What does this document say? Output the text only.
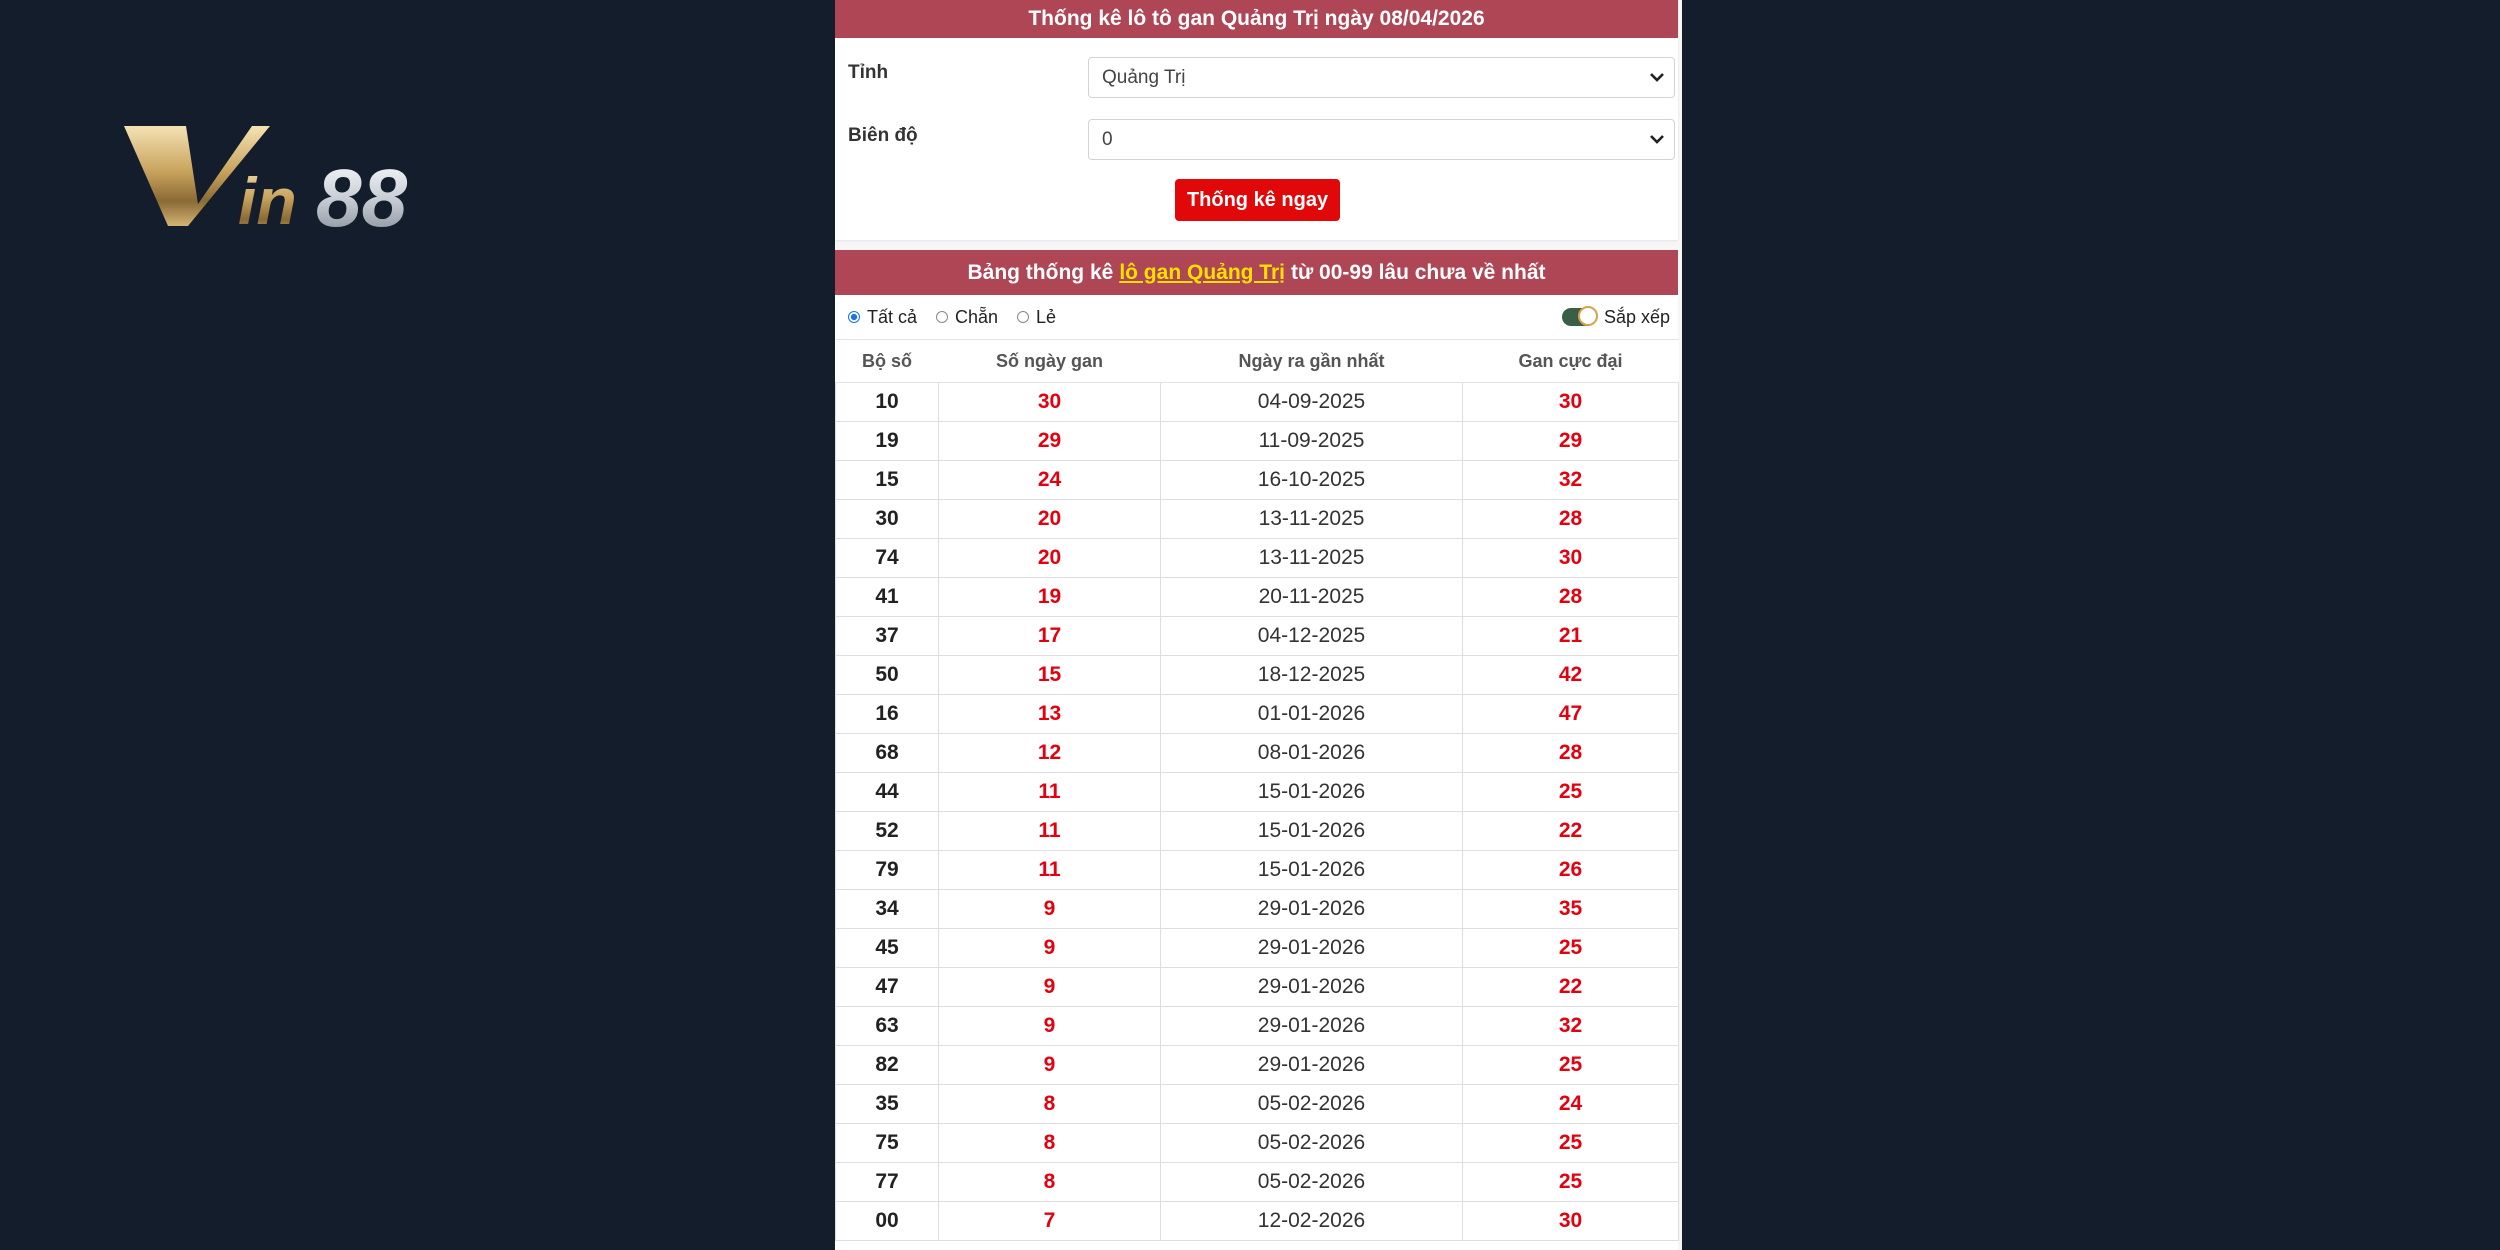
in 88
Thống kê lô tô gan Quảng Trị ngày 08/04/2026
Tỉnh	Quảng Trị
Biên độ	0
Thống kê ngay
Bảng thống kê lô gan Quảng Trị từ 00-99 lâu chưa về nhất
Tất cả Chẵn Lẻ	Sắp xếp
Bộ số	Số ngày gan	Ngày ra gần nhất	Gan cực đại
10	30	04-09-2025	30
19	29	11-09-2025	29
15	24	16-10-2025	32
30	20	13-11-2025	28
74	20	13-11-2025	30
41	19	20-11-2025	28
37	17	04-12-2025	21
50	15	18-12-2025	42
16	13	01-01-2026	47
68	12	08-01-2026	28
44	11	15-01-2026	25
52	11	15-01-2026	22
79	11	15-01-2026	26
34	9	29-01-2026	35
45	9	29-01-2026	25
47	9	29-01-2026	22
63	9	29-01-2026	32
82	9	29-01-2026	25
35	8	05-02-2026	24
75	8	05-02-2026	25
77	8	05-02-2026	25
00	7	12-02-2026	30
